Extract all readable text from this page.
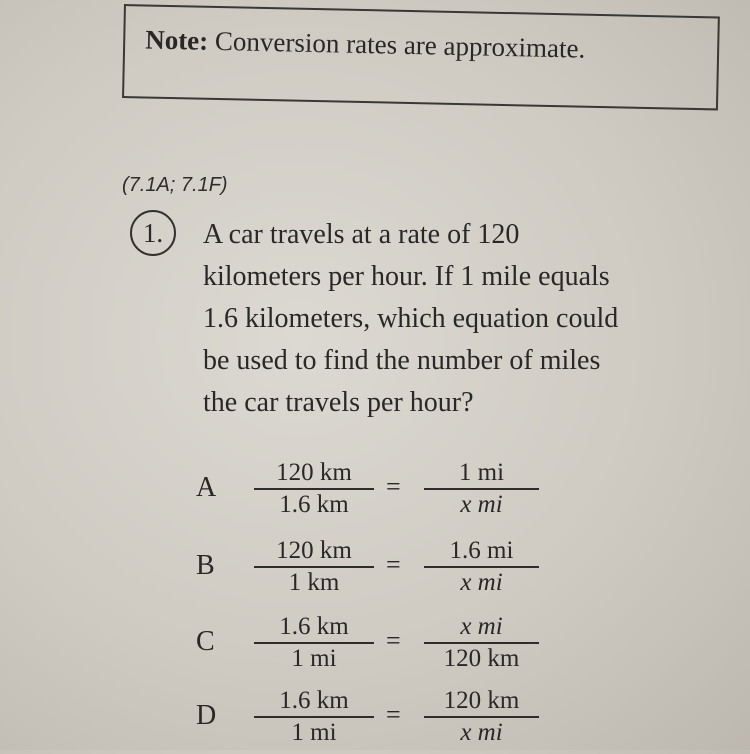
Note: Conversion rates are approximate.
(7.1A; 7.1F)
1. A car travels at a rate of 120
kilometers per hour. If 1 mile equals
1.6 kilometers, which equation could
be used to find the number of miles
the car travels per hour?
A	120 km
1.6 km
=	1 mi
x mi
B	120 km
1 km
=	1.6 mi
x mi
C	1.6 km
1 mi
=	x mi
120 km
D	1.6 km
1 mi
=	120 km
x mi
